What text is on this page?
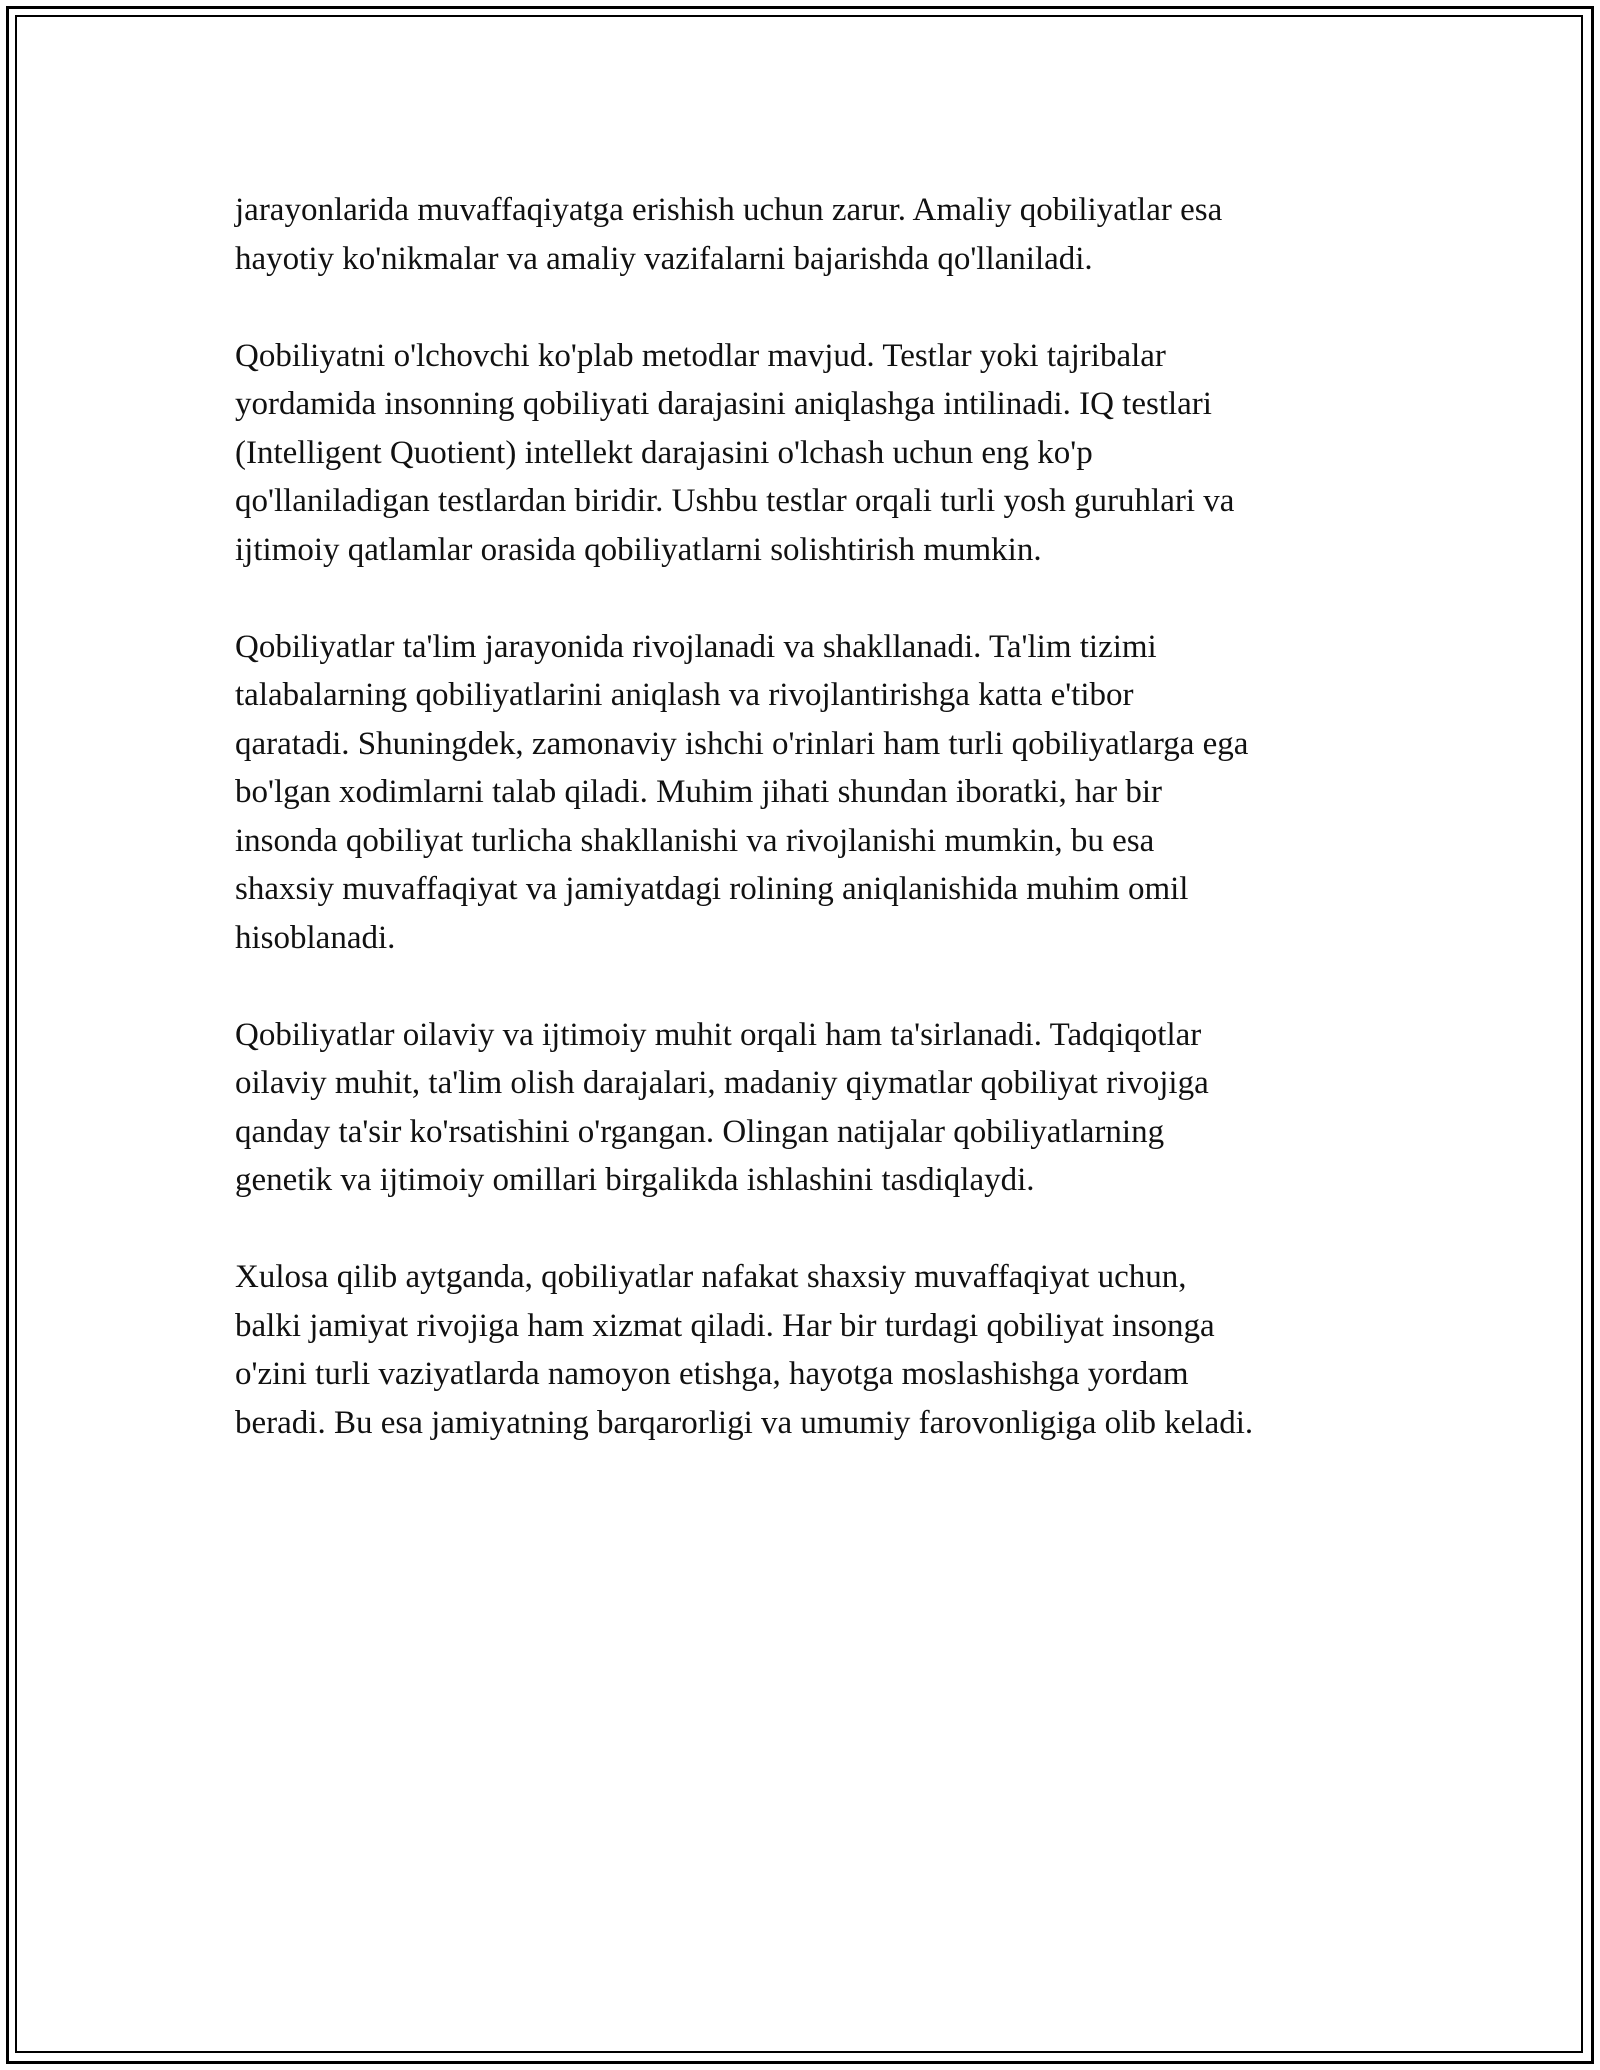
jarayonlarida muvaffaqiyatga erishish uchun zarur. Amaliy qobiliyatlar esa
hayotiy ko'nikmalar va amaliy vazifalarni bajarishda qo'llaniladi.

Qobiliyatni o'lchovchi ko'plab metodlar mavjud. Testlar yoki tajribalar
yordamida insonning qobiliyati darajasini aniqlashga intilinadi. IQ testlari
(Intelligent Quotient) intellekt darajasini o'lchash uchun eng ko'p
qo'llaniladigan testlardan biridir. Ushbu testlar orqali turli yosh guruhlari va
ijtimoiy qatlamlar orasida qobiliyatlarni solishtirish mumkin.

Qobiliyatlar ta'lim jarayonida rivojlanadi va shakllanadi. Ta'lim tizimi
talabalarning qobiliyatlarini aniqlash va rivojlantirishga katta e'tibor
qaratadi. Shuningdek, zamonaviy ishchi o'rinlari ham turli qobiliyatlarga ega
bo'lgan xodimlarni talab qiladi. Muhim jihati shundan iboratki, har bir
insonda qobiliyat turlicha shakllanishi va rivojlanishi mumkin, bu esa
shaxsiy muvaffaqiyat va jamiyatdagi rolining aniqlanishida muhim omil
hisoblanadi.

Qobiliyatlar oilaviy va ijtimoiy muhit orqali ham ta'sirlanadi. Tadqiqotlar
oilaviy muhit, ta'lim olish darajalari, madaniy qiymatlar qobiliyat rivojiga
qanday ta'sir ko'rsatishini o'rgangan. Olingan natijalar qobiliyatlarning
genetik va ijtimoiy omillari birgalikda ishlashini tasdiqlaydi.

Xulosa qilib aytganda, qobiliyatlar nafakat shaxsiy muvaffaqiyat uchun,
balki jamiyat rivojiga ham xizmat qiladi. Har bir turdagi qobiliyat insonga
o'zini turli vaziyatlarda namoyon etishga, hayotga moslashishga yordam
beradi. Bu esa jamiyatning barqarorligi va umumiy farovonligiga olib keladi.
